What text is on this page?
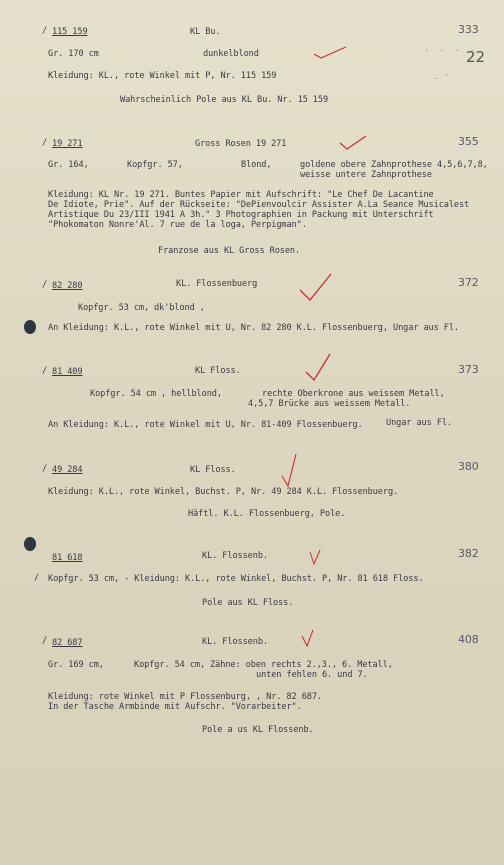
22
/ 115 159	KL Bu.	333
Gr. 170 cm	dunkelblond
Kleidung: KL., rote Winkel mit P, Nr. 115 159
Wahrscheinlich Pole aus KL Bu. Nr. 15 159
/ 19 271	Gross Rosen 19 271	355
Gr. 164,	Kopfgr. 57,	Blond,	goldene obere Zahnprothese 4,5,6,7,8,
weisse untere Zahnprothese
Kleidung: KL Nr. 19 271. Buntes Papier mit Aufschrift: "Le Chef De Lacantine
De Idiote, Prie". Auf der Rückseite: "DePienvoulcir Assister A.La Seance Musicalest
Artistique Du 23/III 1941 A 3h." 3 Photographien in Packung mit Unterschrift
"Phokomaton Nonre'Al. 7 rue de la loga, Perpigman".
Franzose aus KL Gross Rosen.
/ 82 280	KL. Flossenbuerg	372
Kopfgr. 53 cm, dk'blond ,
An Kleidung: K.L., rote Winkel mit U, Nr. 82 280 K.L. Flossenbuerg, Ungar aus Fl.
/ 81 409	KL Floss.	373
Kopfgr. 54 cm , hellblond,	rechte Oberkrone aus weissem Metall,
4,5,7 Brücke aus weissem Metall.
An Kleidung: K.L., rote Winkel mit U, Nr. 81-409 Flossenbuerg.	Ungar aus Fl.
/ 49 284	KL Floss.	380
Kleidung: K.L., rote Winkel, Buchst. P, Nr. 49 284 K.L. Flossenbuerg.
Häftl. K.L. Flossenbuerg, Pole.
81 618	KL. Flossenb.	382
/ Kopfgr. 53 cm, - Kleidung: K.L., rote Winkel, Buchst. P, Nr. 81 618 Floss.
Pole aus KL Floss.
/ 82 687	KL. Flossenb.	408
Gr. 169 cm,	Kopfgr. 54 cm, Zähne: oben rechts 2.,3., 6. Metall,
unten fehlen 6. und 7.
Kleidung: rote Winkel mit P Flossenburg, , Nr. 82 687.
In der Tasche Armbinde mit Aufschr. "Vorarbeiter".
Pole a us KL Flossenb.
.  .  .  .
_ -
